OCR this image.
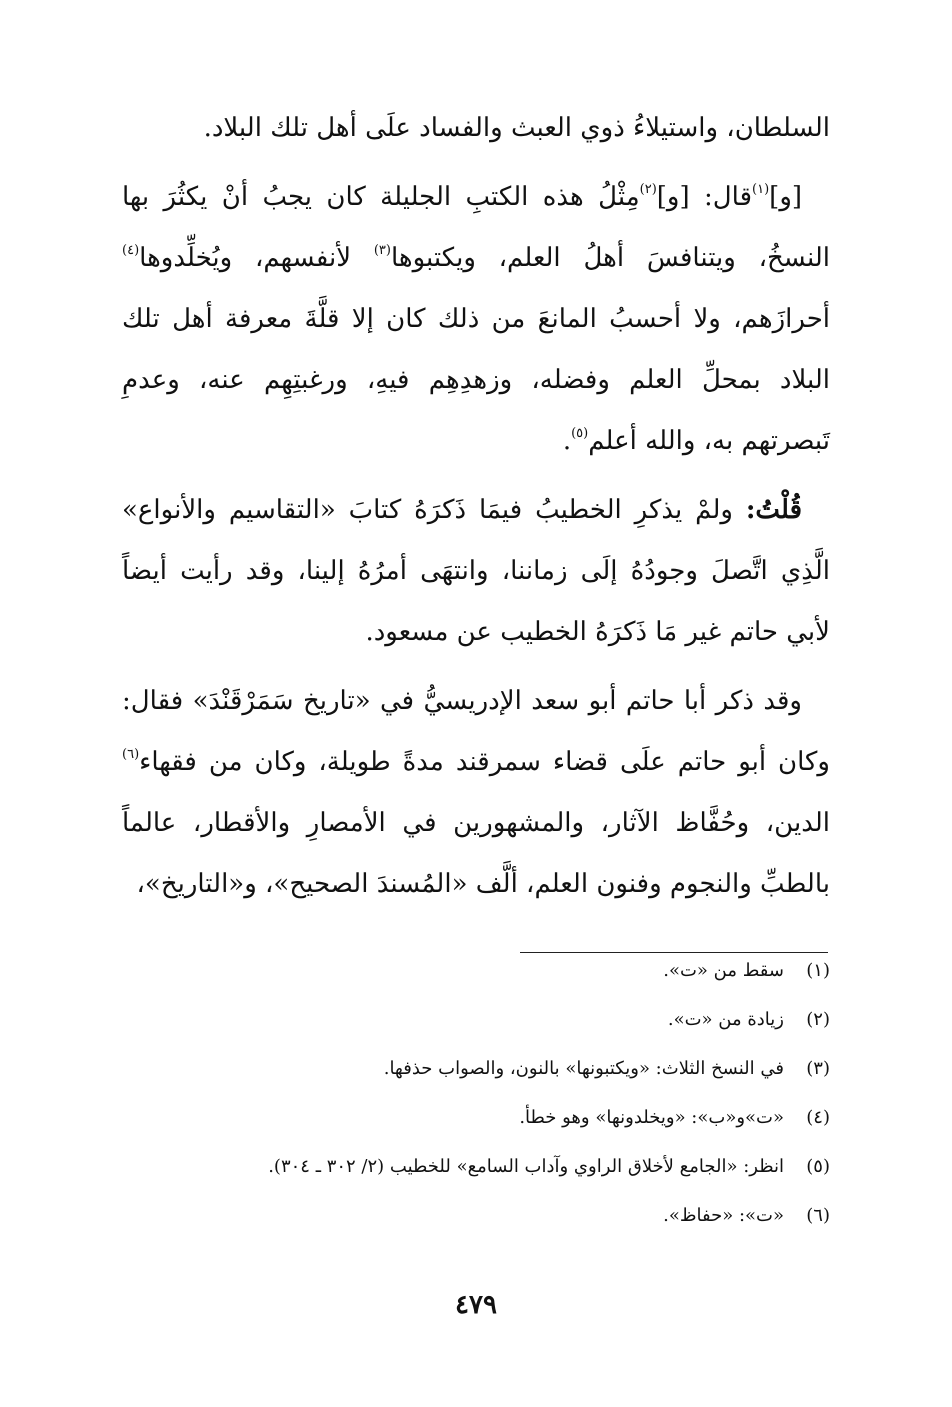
السلطان، واستيلاءُ ذوي العبث والفساد علَى أهل تلك البلاد.

[و]$^{(١)}$قال: [و]$^{(٢)}$مِثْلُ هذه الكتبِ الجليلة كان يجبُ أنْ يكثُرَ بها النسخُ، ويتنافسَ أهلُ العلم، ويكتبوها$^{(٣)}$ لأنفسهم، ويُخلِّدوها$^{(٤)}$ أحرازَهم، ولا أحسبُ المانعَ من ذلك كان إلا قلَّةَ معرفة أهل تلك البلاد بمحلِّ العلم وفضله، وزهدِهِم فيهِ، ورغبتِهِم عنه، وعدمِ تَبصرتهم به، والله أعلم$^{(٥)}$.

قُلْتُ: ولمْ يذكرِ الخطيبُ فيمَا ذَكرَهُ كتابَ «التقاسيم والأنواع» الَّذِي اتَّصلَ وجودُهُ إلَى زماننا، وانتهَى أمرُهُ إلينا، وقد رأيت أيضاً لأبي حاتم غير مَا ذَكرَهُ الخطيب عن مسعود.

وقد ذكر أبا حاتم أبو سعد الإدريسيُّ في «تاريخ سَمَرْقَنْدَ» فقال: وكان أبو حاتم علَى قضاء سمرقند مدةً طويلة، وكان من فقهاء$^{(٦)}$ الدين، وحُفَّاظ الآثار، والمشهورين في الأمصارِ والأقطار، عالماً بالطبِّ والنجوم وفنون العلم، ألَّف «المُسندَ الصحيح»، و«التاريخ»،

(١)سقط من «ت».
(٢)زيادة من «ت».
(٣)في النسخ الثلاث: «ويكتبونها» بالنون، والصواب حذفها.
(٤)«ت»و«ب»: «ويخلدونها» وهو خطأ.
(٥)انظر: «الجامع لأخلاق الراوي وآداب السامع» للخطيب (٢/ ٣٠٢ ـ ٣٠٤).
(٦)«ت»: «حفاظ».
٤٧٩
